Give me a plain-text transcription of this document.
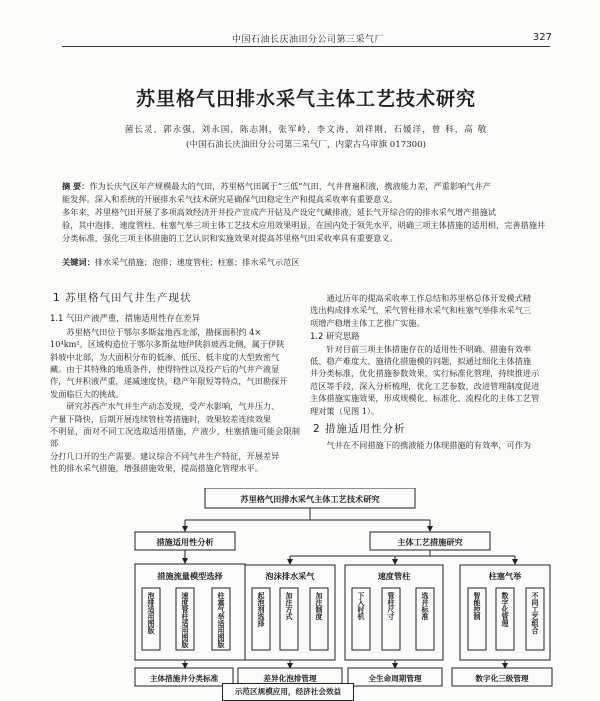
中国石油长庆油田分公司第三采气厂	327
苏里格气田排水采气主体工艺技术研究
菌长灵，郭永强，刘永国，陈志刚，张军岭，李文涛，刘祥刚，石媛洋，曾 科，高 敬
(中国石油长庆油田分公司第三采气厂，内蒙古乌审旗 017300)
摘 要：作为长庆气区年产规模最大的气田，苏里格气田属于“三低”气田，气井普遍积液，携液能力差，严重影响气井产
能发挥。深入和系统的开展排水采气技术研究是确保气田稳定生产和提高采收率有重要意义。
多年来，苏里格气田开展了多项高效经济开井投产宣成产开钻及产设定气藏排液，延长气开综合的的排水采气增产措施试
验，其中泡排、速度管柱、柱塞气举三项主体工艺技术应用效果明显，在国内处于领先水平，明确三项主体措施的适用相，完善措施井
分类标准，强化三项主体措施的工艺认识和实施效果对提高苏里格气田采收率具有重要意义。
关键词：排水采气措施；泡排；速度管柱；柱塞；排水采气示范区
1 苏里格气田气井生产现状
1.1 气田产液严重，措施适用性存在差异

苏里格气田位于鄂尔多斯盆地西北部，勘探面积约 4×
10⁴km²，区域构造位于鄂尔多斯盆地伊陕斜坡西北侧，属于伊陕
斜坡中北部，为大面积分布的低渗、低压、低丰度的大型致密气
藏。由于其特殊的地质条件，使得特性以及投产后的气井产液显
作，气井积液严重，递减速度快，稳产年限短等特点，气田勘探开
发面临巨大的挑战。

研究苏西产水气井生产动态发现，受产水影响，气井压力、
产量下降快，后期开展连续管柱等措施时，效果较差连续效果
不明显，面对不同工况选取适用措施，产液少，柱塞措施可能会限制部
分打几口开的生产需要。建议综合不同气井生产特征，开展差异
性的排水采气措施，增强措施效果，提高措施化管理水平。

通过历年的提高采收率工作总结和苏里格总体开发模式精
选出构成排水采气、采气管柱排水采气和柱塞气举排水采气三
项增产稳增主体工艺推广实施。

1.2 研究思路

针对目前三项主体措施存在的适用性不明确、措施有效率
低、稳产难度大、施措化措施模的问题，拟通过细化主体措施
井分类标准，优化措施参数效果，实行标准化管理，持续推进示
范区等手段，深入分析梳理，优化工艺参数，改进管理制度促进
主体措施实施效果，形成规模化、标准化、流程化的主体工艺管
理对策（见图 1）。

2 措施适用性分析

气井在不同措施下的携液能力体现措施的有效率，可作为

苏里格气田排水采气主体工艺技术研究
措施适用性分析	主体工艺措施研究
措施流量模型选择	泡沫排水采气	速度管柱	柱塞气举
主体措施井分类标准	差异化泡排管理	全生命周期管理	数字化三级管理
泡排适用图版	速度管柱适用图版	柱塞气举适用图版	起泡剂选择	加注方式	加注制度	下入时机	管柱尺寸	选井标准	智能控制	数字化管理	不同工艺组合
示范区规模应用，经济社会效益
